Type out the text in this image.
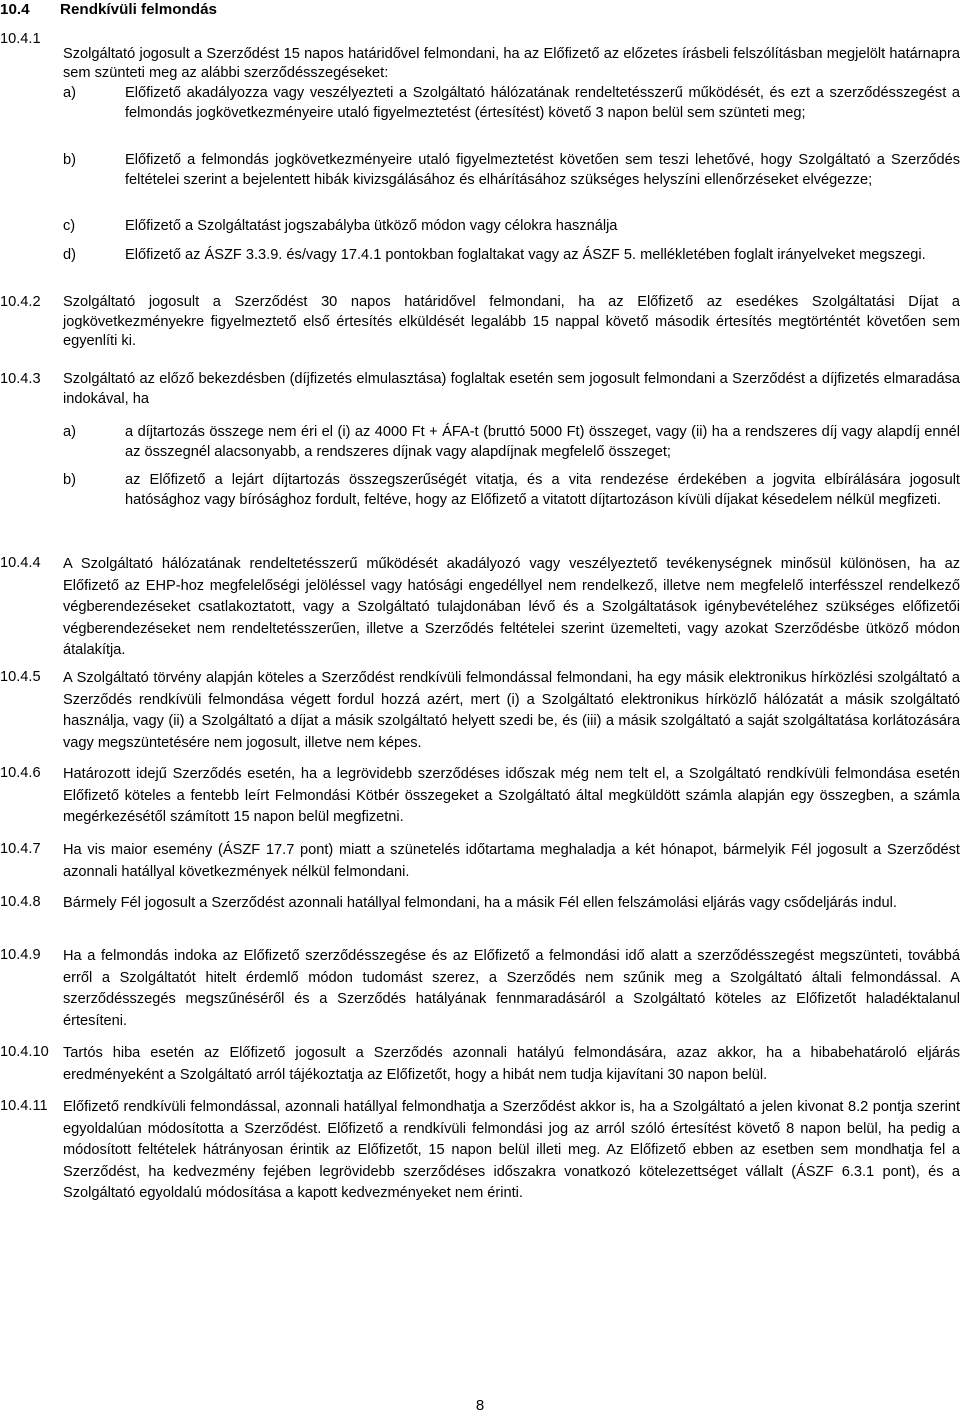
10.4 Rendkívüli felmondás
10.4.1

Szolgáltató jogosult a Szerződést 15 napos határidővel felmondani, ha az Előfizető az előzetes írásbeli felszólításban megjelölt határnapra sem szünteti meg az alábbi szerződésszegéseket:

a)	Előfizető akadályozza vagy veszélyezteti a Szolgáltató hálózatának rendeltetésszerű működését, és ezt a szerződésszegést a felmondás jogkövetkezményeire utaló figyelmeztetést (értesítést) követő 3 napon belül sem szünteti meg;

b)	Előfizető a felmondás jogkövetkezményeire utaló figyelmeztetést követően sem teszi lehetővé, hogy Szolgáltató a Szerződés feltételei szerint a bejelentett hibák kivizsgálásához és elhárításához szükséges helyszíni ellenőrzéseket elvégezze;

c)	Előfizető a Szolgáltatást jogszabályba ütköző módon vagy célokra használja

d)	Előfizető az ÁSZF 3.3.9. és/vagy 17.4.1 pontokban foglaltakat vagy az ÁSZF 5. mellékletében foglalt irányelveket megszegi.

10.4.2	Szolgáltató jogosult a Szerződést 30 napos határidővel felmondani, ha az Előfizető az esedékes Szolgáltatási Díjat a jogkövetkezményekre figyelmeztető első értesítés elküldését legalább 15 nappal követő második értesítés megtörténtét követően sem egyenlíti ki.

10.4.3	Szolgáltató az előző bekezdésben (díjfizetés elmulasztása) foglaltak esetén sem jogosult felmondani a Szerződést a díjfizetés elmaradása indokával, ha

a)	a díjtartozás összege nem éri el (i) az 4000 Ft + ÁFA-t (bruttó 5000 Ft) összeget, vagy (ii) ha a rendszeres díj vagy alapdíj ennél az összegnél alacsonyabb, a rendszeres díjnak vagy alapdíjnak megfelelő összeget;

b)	az Előfizető a lejárt díjtartozás összegszerűségét vitatja, és a vita rendezése érdekében a jogvita elbírálására jogosult hatósághoz vagy bírósághoz fordult, feltéve, hogy az Előfizető a vitatott díjtartozáson kívüli díjakat késedelem nélkül megfizeti.

10.4.4	A Szolgáltató hálózatának rendeltetésszerű működését akadályozó vagy veszélyeztető tevékenységnek minősül különösen, ha az Előfizető az EHP-hoz megfelelőségi jelöléssel vagy hatósági engedéllyel nem rendelkező, illetve nem megfelelő interfésszel rendelkező végberendezéseket csatlakoztatott, vagy a Szolgáltató tulajdonában lévő és a Szolgáltatások igénybevételéhez szükséges előfizetői végberendezéseket nem rendeltetésszerűen, illetve a Szerződés feltételei szerint üzemelteti, vagy azokat Szerződésbe ütköző módon átalakítja.

10.4.5	A Szolgáltató törvény alapján köteles a Szerződést rendkívüli felmondással felmondani, ha egy másik elektronikus hírközlési szolgáltató a Szerződés rendkívüli felmondása végett fordul hozzá azért, mert (i) a Szolgáltató elektronikus hírközlő hálózatát a másik szolgáltató használja, vagy (ii) a Szolgáltató a díjat a másik szolgáltató helyett szedi be, és (iii) a másik szolgáltató a saját szolgáltatása korlátozására vagy megszüntetésére nem jogosult, illetve nem képes.

10.4.6	Határozott idejű Szerződés esetén, ha a legrövidebb szerződéses időszak még nem telt el, a Szolgáltató rendkívüli felmondása esetén Előfizető köteles a fentebb leírt Felmondási Kötbér összegeket a Szolgáltató által megküldött számla alapján egy összegben, a számla megérkezésétől számított 15 napon belül megfizetni.

10.4.7	Ha vis maior esemény (ÁSZF 17.7 pont) miatt a szünetelés időtartama meghaladja a két hónapot, bármelyik Fél jogosult a Szerződést azonnali hatállyal következmények nélkül felmondani.

10.4.8	Bármely Fél jogosult a Szerződést azonnali hatállyal felmondani, ha a másik Fél ellen felszámolási eljárás vagy csődeljárás indul.

10.4.9	Ha a felmondás indoka az Előfizető szerződésszegése és az Előfizető a felmondási idő alatt a szerződésszegést megszünteti, továbbá erről a Szolgáltatót hitelt érdemlő módon tudomást szerez, a Szerződés nem szűnik meg a Szolgáltató általi felmondással. A szerződésszegés megszűnéséről és a Szerződés hatályának fennmaradásáról a Szolgáltató köteles az Előfizetőt haladéktalanul értesíteni.

10.4.10 Tartós hiba esetén az Előfizető jogosult a Szerződés azonnali hatályú felmondására, azaz akkor, ha a hibabehatároló eljárás eredményeként a Szolgáltató arról tájékoztatja az Előfizetőt, hogy a hibát nem tudja kijavítani 30 napon belül.

10.4.11	Előfizető rendkívüli felmondással, azonnali hatállyal felmondhatja a Szerződést akkor is, ha a Szolgáltató a jelen kivonat 8.2 pontja szerint egyoldalúan módosította a Szerződést. Előfizető a rendkívüli felmondási jog az arról szóló értesítést követő 8 napon belül, ha pedig a módosított feltételek hátrányosan érintik az Előfizetőt, 15 napon belül illeti meg. Az Előfizető ebben az esetben sem mondhatja fel a Szerződést, ha kedvezmény fejében legrövidebb szerződéses időszakra vonatkozó kötelezettséget vállalt (ÁSZF 6.3.1 pont), és a Szolgáltató egyoldalú módosítása a kapott kedvezményeket nem érinti.

8
